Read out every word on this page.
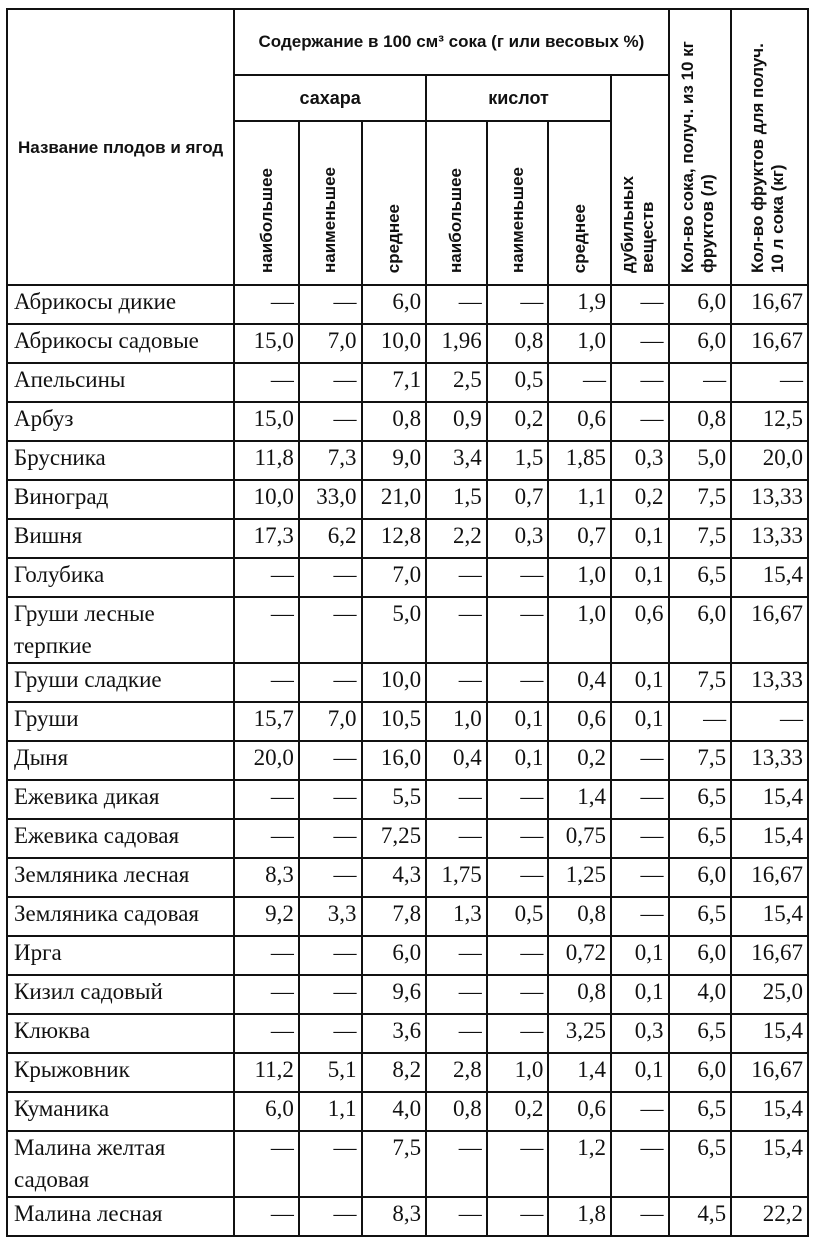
Название плодов и ягод	Содержание в 100 см³ сока (г или весовых %)							Кол-во сока, получ. из 10 кг фруктов (л)	Кол-во фруктов для получ. 10 л сока (кг)
	сахара			кислот			дубильных веществ		
	наибольшее	наименьшее	среднее	наибольшее	наименьшее	среднее			
Абрикосы дикие	—	—	6,0	—	—	1,9	—	6,0	16,67
Абрикосы садовые	15,0	7,0	10,0	1,96	0,8	1,0	—	6,0	16,67
Апельсины	—	—	7,1	2,5	0,5	—	—	—	—
Арбуз	15,0	—	0,8	0,9	0,2	0,6	—	0,8	12,5
Брусника	11,8	7,3	9,0	3,4	1,5	1,85	0,3	5,0	20,0
Виноград	10,0	33,0	21,0	1,5	0,7	1,1	0,2	7,5	13,33
Вишня	17,3	6,2	12,8	2,2	0,3	0,7	0,1	7,5	13,33
Голубика	—	—	7,0	—	—	1,0	0,1	6,5	15,4
Груши лесные терпкие	—	—	5,0	—	—	1,0	0,6	6,0	16,67
Груши сладкие	—	—	10,0	—	—	0,4	0,1	7,5	13,33
Груши	15,7	7,0	10,5	1,0	0,1	0,6	0,1	—	—
Дыня	20,0	—	16,0	0,4	0,1	0,2	—	7,5	13,33
Ежевика дикая	—	—	5,5	—	—	1,4	—	6,5	15,4
Ежевика садовая	—	—	7,25	—	—	0,75	—	6,5	15,4
Земляника лесная	8,3	—	4,3	1,75	—	1,25	—	6,0	16,67
Земляника садовая	9,2	3,3	7,8	1,3	0,5	0,8	—	6,5	15,4
Ирга	—	—	6,0	—	—	0,72	0,1	6,0	16,67
Кизил садовый	—	—	9,6	—	—	0,8	0,1	4,0	25,0
Клюква	—	—	3,6	—	—	3,25	0,3	6,5	15,4
Крыжовник	11,2	5,1	8,2	2,8	1,0	1,4	0,1	6,0	16,67
Куманика	6,0	1,1	4,0	0,8	0,2	0,6	—	6,5	15,4
Малина желтая садовая	—	—	7,5	—	—	1,2	—	6,5	15,4
Малина лесная	—	—	8,3	—	—	1,8	—	4,5	22,2
